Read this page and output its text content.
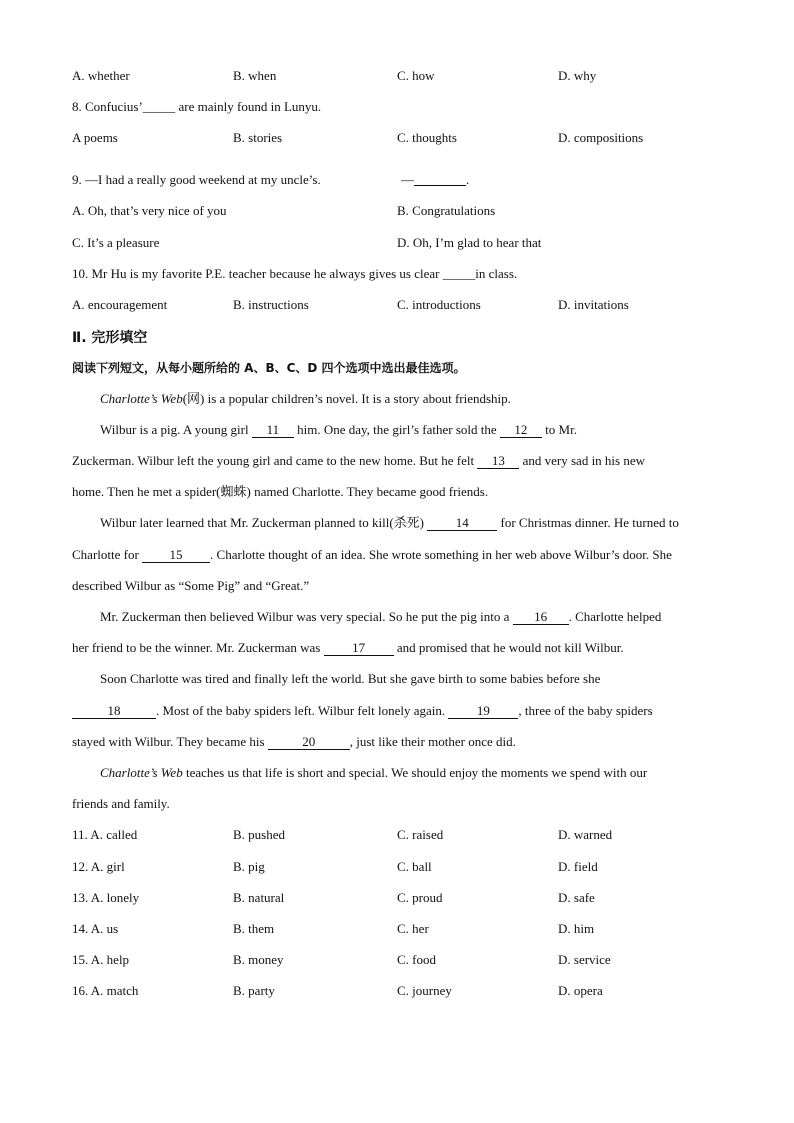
A. whether	B. when	C. how	D. why
8. Confucius’_____ are mainly found in Lunyu.
A poems	B. stories	C. thoughts	D. compositions
9. —I had a really good weekend at my uncle’s.	—________.
A. Oh, that’s very nice of you	B. Congratulations
C. It’s a pleasure	D. Oh, I’m glad to hear that
10. Mr Hu is my favorite P.E. teacher because he always gives us clear _____in class.
A. encouragement	B. instructions	C. introductions	D. invitations
Ⅱ. 完形填空
阅读下列短文，从每小题所给的 A、B、C、D 四个选项中选出最佳选项。
Charlotte’s Web(网) is a popular children’s novel. It is a story about friendship.
Wilbur is a pig. A young girl 11 him. One day, the girl’s father sold the 12 to Mr.
Zuckerman. Wilbur left the young girl and came to the new home. But he felt 13 and very sad in his new
home. Then he met a spider(蜘蛛) named Charlotte. They became good friends.
Wilbur later learned that Mr. Zuckerman planned to kill(杀死) 14 for Christmas dinner. He turned to
Charlotte for 15 . Charlotte thought of an idea. She wrote something in her web above Wilbur’s door. She
described Wilbur as “Some Pig” and “Great.”
Mr. Zuckerman then believed Wilbur was very special. So he put the pig into a 16 . Charlotte helped
her friend to be the winner. Mr. Zuckerman was 17 and promised that he would not kill Wilbur.
Soon Charlotte was tired and finally left the world. But she gave birth to some babies before she
18	. Most of the baby spiders left. Wilbur felt lonely again. 19 , three of the baby spiders
stayed with Wilbur. They became his	20	, just like their mother once did.
Charlotte’s Web teaches us that life is short and special. We should enjoy the moments we spend with our
friends and family.
11. A. called	B. pushed	C. raised	D. warned
12. A. girl	B. pig	C. ball	D. field
13. A. lonely	B. natural	C. proud	D. safe
14. A. us	B. them	C. her	D. him
15. A. help	B. money	C. food	D. service
16. A. match	B. party	C. journey	D. opera
